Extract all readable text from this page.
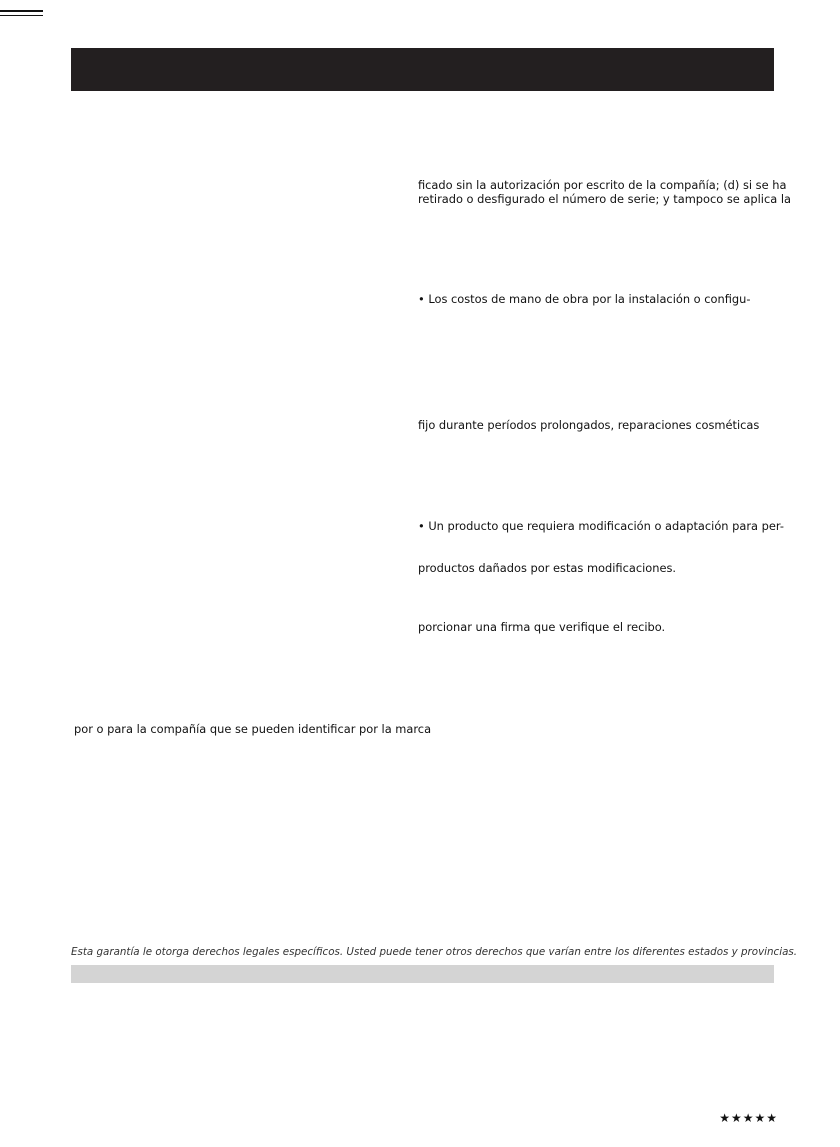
ficado sin la autorización por escrito de la compañía; (d) si se ha

retirado o desfigurado el número de serie; y tampoco se aplica la

• Los costos de mano de obra por la instalación o configu-

fijo durante períodos prolongados, reparaciones cosméticas

• Un producto que requiera modificación o adaptación para per-

productos dañados por estas modificaciones.

porcionar una firma que verifique el recibo.

por o para la compañía que se pueden identificar por la marca

Esta garantía le otorga derechos legales específicos. Usted puede tener otros derechos que varían entre los diferentes estados y provincias.
★★★★★
